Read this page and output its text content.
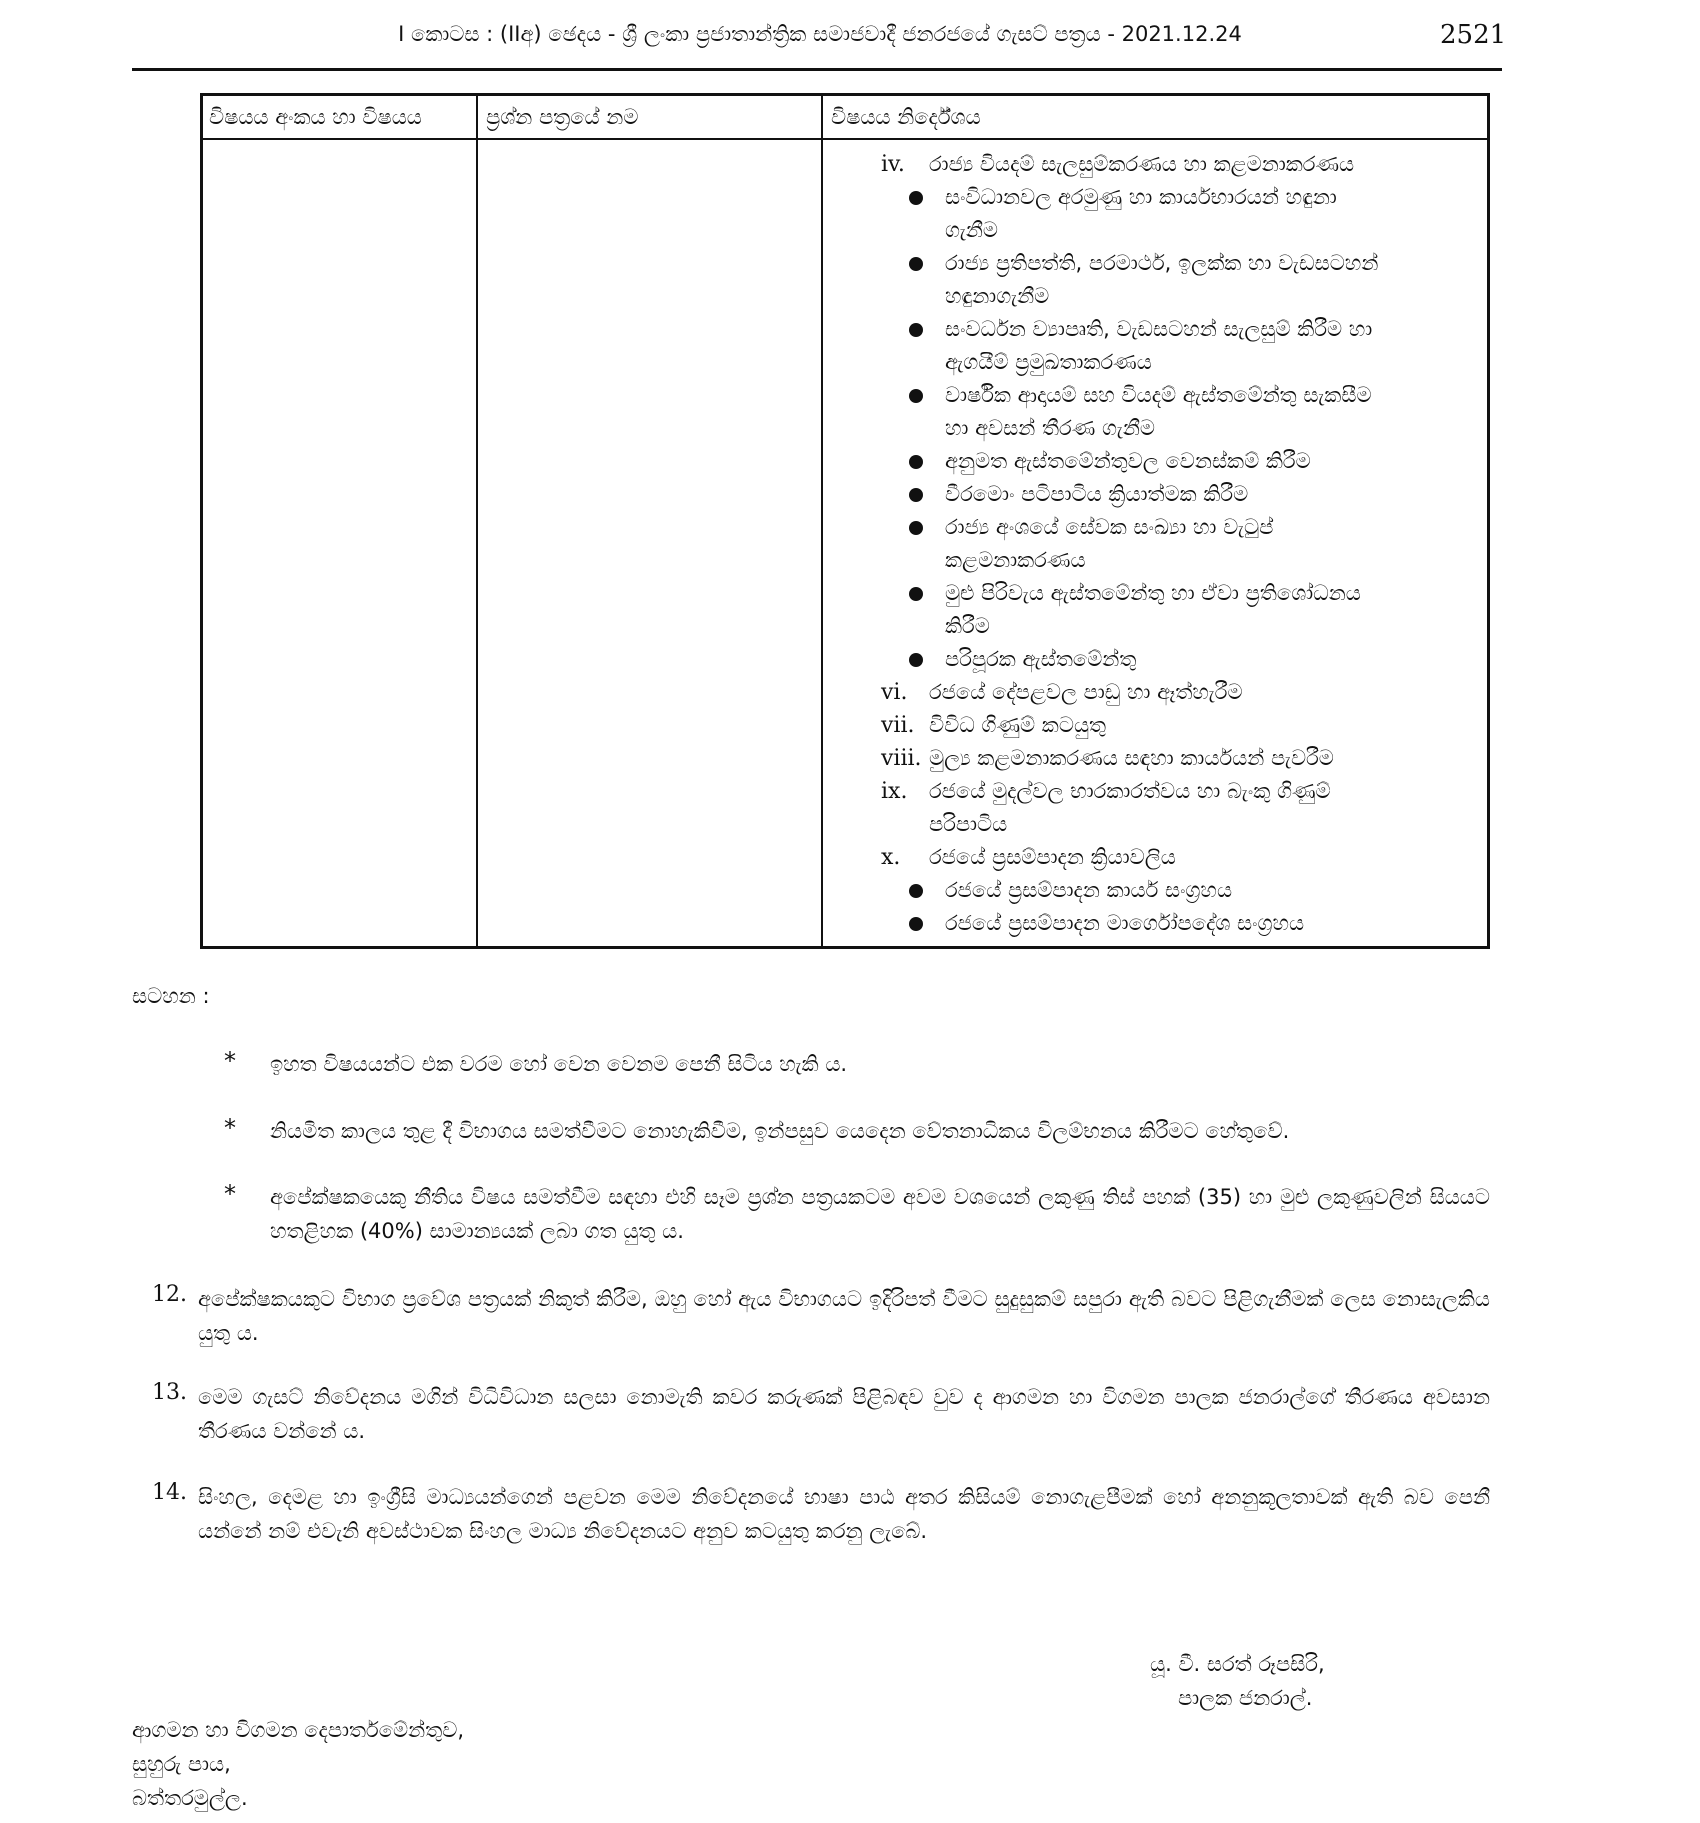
I කොටස : (IIඅ) ඡෙදය - ශ්‍රී ලංකා ප්‍රජාතාන්ත්‍රික සමාජවාදී ජනරජයේ ගැසට් පත්‍රය - 2021.12.24	2521
විෂයය අංකය හා විෂයය	ප්‍රශ්න පත්‍රයේ නම	විෂයය නිර්දේශය
iv. රාජ්‍ය වියදම් සැලසුම්කරණය හා කළමනාකරණය
සංවිධානවල අරමුණු හා කාර්යභාරයන් හඳුනා
ගැනීම
රාජ්‍ය ප්‍රතිපත්ති, පරමාර්ථ, ඉලක්ක හා වැඩසටහන්
හඳුනාගැනීම
සංවර්ධන ව්‍යාපෘති, වැඩසටහන් සැලසුම් කිරීම හා
ඇගයීම් ප්‍රමුඛතාකරණය
වාර්ෂික ආදායම් සහ වියදම් ඇස්තමේන්තු සැකසීම
හා අවසන් තීරණ ගැනීම
අනුමත ඇස්තමේන්තුවල වෙනස්කම් කිරීම
වීරමොං පටිපාටිය ක්‍රියාත්මක කිරීම
රාජ්‍ය අංශයේ සේවක සංඛ්‍යා හා වැටුප්
කළමනාකරණය
මුළු පිරිවැය ඇස්තමේන්තු හා ඒවා ප්‍රතිශෝධනය
කිරීම
පරිපූරක ඇස්තමේන්තු
vi. රජයේ දේපළවල පාඩු හා ඈත්හැරීම
vii. විවිධ ගිණුම් කටයුතු
viii. මුල්‍ය කළමනාකරණය සඳහා කාර්යයන් පැවරීම
ix. රජයේ මුදල්වල භාරකාරත්වය හා බැංකු ගිණුම්
පරිපාටිය
x. රජයේ ප්‍රසම්පාදන ක්‍රියාවලිය
රජයේ ප්‍රසම්පාදන කාර්ය සංග්‍රහය
රජයේ ප්‍රසම්පාදන මාර්ගෝපදේශ සංග්‍රහය
සටහන :
* ඉහත විෂයයන්ට එක වරම හෝ වෙන වෙනම පෙනී සිටිය හැකි ය.
* නියමිත කාලය තුළ දී විභාගය සමත්වීමට නොහැකිවීම, ඉන්පසුව යෙදෙන වේතනාධිකය විලම්භනය කිරීමට හේතුවේ.
* අපේක්ෂකයෙකු නීතිය විෂය සමත්වීම සඳහා එහි සෑම ප්‍රශ්න පත්‍රයකටම අවම වශයෙන් ලකුණු තිස් පහක් (35) හා මුළු ලකුණුවලින් සියයට හතළිහක (40%) සාමාන්‍යයක් ලබා ගත යුතු ය.
12. අපේක්ෂකයකුට විභාග ප්‍රවේශ පත්‍රයක් නිකුත් කිරීම, ඔහු හෝ ඇය විභාගයට ඉදිරිපත් වීමට සුදුසුකම් සපුරා ඇති බවට පිළිගැනීමක් ලෙස නොසැලකිය යුතු ය.
13. මෙම ගැසට් නිවේදනය මගින් විධිවිධාන සලසා නොමැති කවර කරුණක් පිළිබඳව වුව ද ආගමන හා විගමන පාලක ජනරාල්ගේ තීරණය අවසාන තීරණය වන්නේ ය.
14. සිංහල, දෙමළ හා ඉංග්‍රීසි මාධ්‍යයන්ගෙන් පළවන මෙම නිවේදනයේ භාෂා පාඨ අතර කිසියම් නොගැළපීමක් හෝ අනනුකූලතාවක් ඇති බව පෙනී යන්නේ නම් එවැනි අවස්ථාවක සිංහල මාධ්‍ය නිවේදනයට අනුව කටයුතු කරනු ලැබේ.
යූ. වී. සරත් රූපසිරි,
පාලක ජනරාල්.
ආගමන හා විගමන දෙපාර්තමේන්තුව,
සුහුරු පාය,
බත්තරමුල්ල.
